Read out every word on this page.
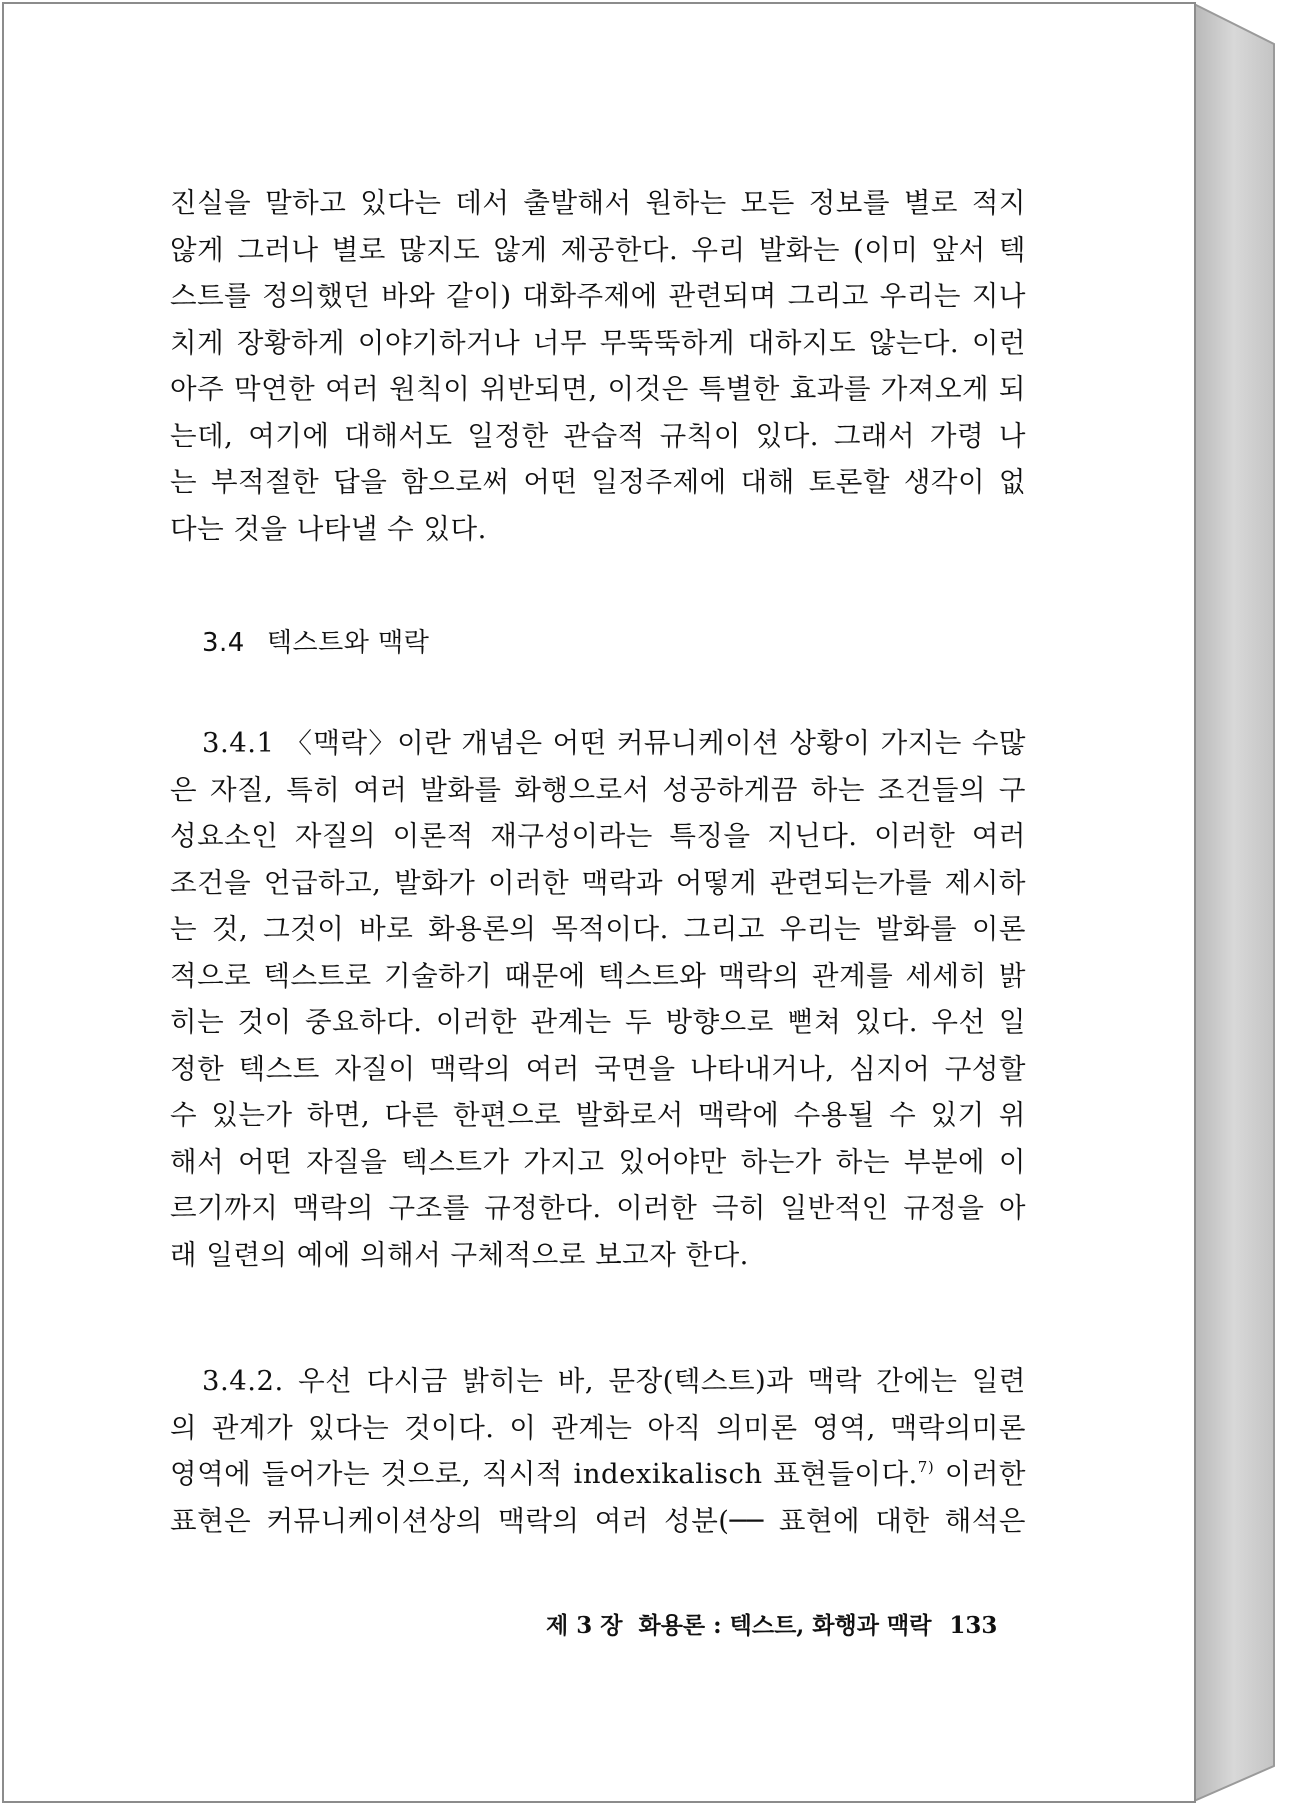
진실을 말하고 있다는 데서 출발해서 원하는 모든 정보를 별로 적지
않게 그러나 별로 많지도 않게 제공한다. 우리 발화는 (이미 앞서 텍
스트를 정의했던 바와 같이) 대화주제에 관련되며 그리고 우리는 지나
치게 장황하게 이야기하거나 너무 무뚝뚝하게 대하지도 않는다. 이런
아주 막연한 여러 원칙이 위반되면, 이것은 특별한 효과를 가져오게 되
는데, 여기에 대해서도 일정한 관습적 규칙이 있다. 그래서 가령 나
는 부적절한 답을 함으로써 어떤 일정주제에 대해 토론할 생각이 없
다는 것을 나타낼 수 있다.
3.4 텍스트와 맥락
3.4.1 〈맥락〉이란 개념은 어떤 커뮤니케이션 상황이 가지는 수많
은 자질, 특히 여러 발화를 화행으로서 성공하게끔 하는 조건들의 구
성요소인 자질의 이론적 재구성이라는 특징을 지닌다. 이러한 여러
조건을 언급하고, 발화가 이러한 맥락과 어떻게 관련되는가를 제시하
는 것, 그것이 바로 화용론의 목적이다. 그리고 우리는 발화를 이론
적으로 텍스트로 기술하기 때문에 텍스트와 맥락의 관계를 세세히 밝
히는 것이 중요하다. 이러한 관계는 두 방향으로 뻗쳐 있다. 우선 일
정한 텍스트 자질이 맥락의 여러 국면을 나타내거나, 심지어 구성할
수 있는가 하면, 다른 한편으로 발화로서 맥락에 수용될 수 있기 위
해서 어떤 자질을 텍스트가 가지고 있어야만 하는가 하는 부분에 이
르기까지 맥락의 구조를 규정한다. 이러한 극히 일반적인 규정을 아
래 일련의 예에 의해서 구체적으로 보고자 한다.
3.4.2. 우선 다시금 밝히는 바, 문장(텍스트)과 맥락 간에는 일련
의 관계가 있다는 것이다. 이 관계는 아직 의미론 영역, 맥락의미론
영역에 들어가는 것으로, 직시적 indexikalisch 표현들이다.$^{7)}$ 이러한
표현은 커뮤니케이션상의 맥락의 여러 성분(── 표현에 대한 해석은
제 3 장 화용론 : 텍스트, 화행과 맥락 133
